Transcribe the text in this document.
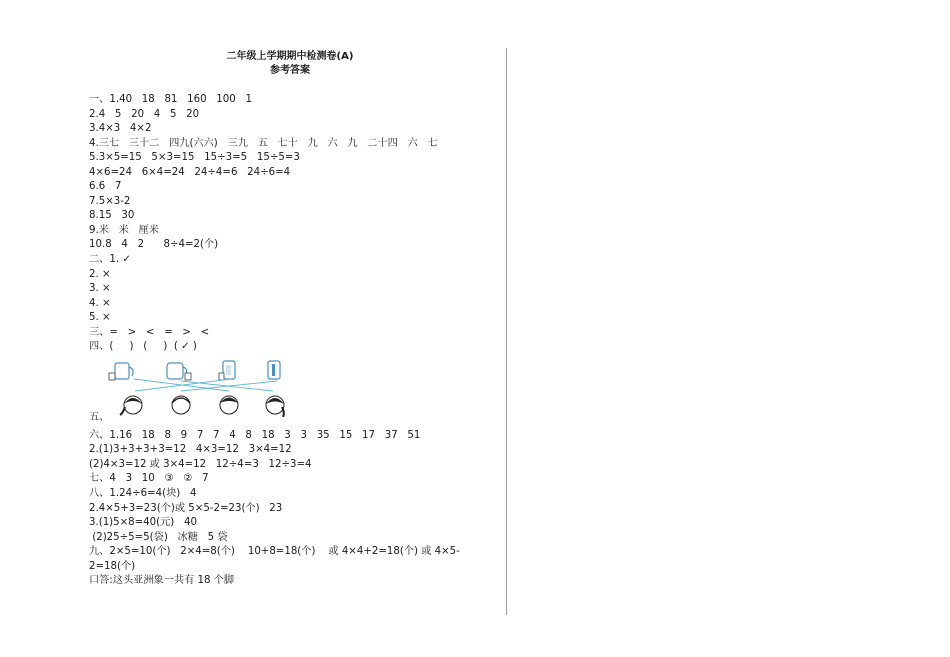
二年级上学期期中检测卷(A)
参考答案
一、1.40   18   81   160   100   1
2.4   5   20   4   5   20
3.4×3   4×2
4.三七   三十二   四九(六六)   三九   五   七十   九   六   九   二十四   六   七
5.3×5=15   5×3=15   15÷3=5   15÷5=3
4×6=24   6×4=24   24÷4=6   24÷6=4
6.6   7
7.5×3-2
8.15   30
9.米   米   厘米
10.8   4   2      8÷4=2(个)
二、1. ✓
2. ×
3. ×
4. ×
5. ×
三、=   >   <   =   >   <
四、(     )   (     )  ( ✓ )
五、
六、1.16   18   8   9   7   7   4   8   18   3   3   35   15   17   37   51
2.(1)3+3+3+3=12   4×3=12   3×4=12
(2)4×3=12 或 3×4=12   12÷4=3   12÷3=4
七、4   3   10   ③   ②   7
八、1.24÷6=4(块)   4
2.4×5+3=23(个)或 5×5-2=23(个)   23
3.(1)5×8=40(元)   40
(2)25÷5=5(袋)   冰糖   5 袋
九、2×5=10(个)   2×4=8(个)    10+8=18(个)    或 4×4+2=18(个) 或 4×5-
2=18(个)
口答:这头亚洲象一共有 18 个脚
